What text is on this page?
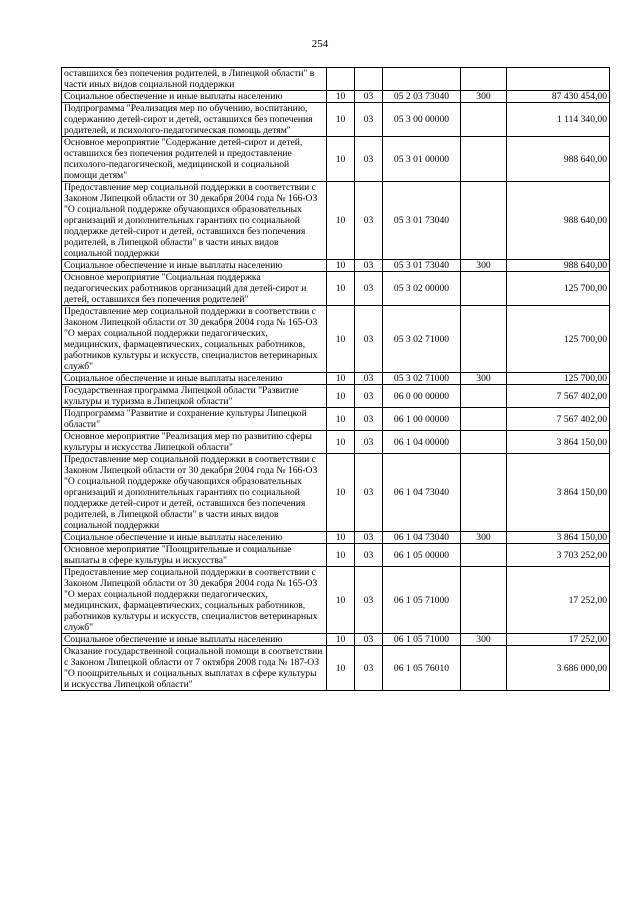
254
оставшихся без попечения родителей, в Липецкой области" в части иных видов социальной поддержки					
Социальное обеспечение и иные выплаты населению	10	03	05 2 03 73040	300	87 430 454,00
Подпрограмма "Реализация мер по обучению, воспитанию, содержанию детей-сирот и детей, оставшихся без попечения родителей, и психолого-педагогическая помощь детям"	10	03	05 3 00 00000		1 114 340,00
Основное мероприятие "Содержание детей-сирот и детей, оставшихся без попечения родителей и предоставление психолого-педагогической, медицинской и социальной помощи детям"	10	03	05 3 01 00000		988 640,00
Предоставление мер социальной поддержки в соответствии с Законом Липецкой области от 30 декабря 2004 года № 166-ОЗ "О социальной поддержке обучающихся образовательных организаций и дополнительных гарантиях по социальной поддержке детей-сирот и детей, оставшихся без попечения родителей, в Липецкой области" в части иных видов социальной поддержки	10	03	05 3 01 73040		988 640,00
Социальное обеспечение и иные выплаты населению	10	03	05 3 01 73040	300	988 640,00
Основное мероприятие "Социальная поддержка педагогических работников организаций для детей-сирот и детей, оставшихся без попечения родителей"	10	03	05 3 02 00000		125 700,00
Предоставление мер социальной поддержки в соответствии с Законом Липецкой области от 30 декабря 2004 года № 165-ОЗ "О мерах социальной поддержки педагогических, медицинских, фармацевтических, социальных работников, работников культуры и искусств, специалистов ветеринарных служб"	10	03	05 3 02 71000		125 700,00
Социальное обеспечение и иные выплаты населению	10	03	05 3 02 71000	300	125 700,00
Государственная программа Липецкой области "Развитие культуры и туризма в Липецкой области"	10	03	06 0 00 00000		7 567 402,00
Подпрограмма "Развитие и сохранение культуры Липецкой области"	10	03	06 1 00 00000		7 567 402,00
Основное мероприятие "Реализация мер по развитию сферы культуры и искусства Липецкой области"	10	03	06 1 04 00000		3 864 150,00
Предоставление мер социальной поддержки в соответствии с Законом Липецкой области от 30 декабря 2004 года № 166-ОЗ "О социальной поддержке обучающихся образовательных организаций и дополнительных гарантиях по социальной поддержке детей-сирот и детей, оставшихся без попечения родителей, в Липецкой области" в части иных видов социальной поддержки	10	03	06 1 04 73040		3 864 150,00
Социальное обеспечение и иные выплаты населению	10	03	06 1 04 73040	300	3 864 150,00
Основное мероприятие "Поощрительные и социальные выплаты в сфере культуры и искусства"	10	03	06 1 05 00000		3 703 252,00
Предоставление мер социальной поддержки в соответствии с Законом Липецкой области от 30 декабря 2004 года № 165-ОЗ "О мерах социальной поддержки педагогических, медицинских, фармацевтических, социальных работников, работников культуры и искусств, специалистов ветеринарных служб"	10	03	06 1 05 71000		17 252,00
Социальное обеспечение и иные выплаты населению	10	03	06 1 05 71000	300	17 252,00
Оказание государственной социальной помощи в соответствии с Законом Липецкой области от 7 октября 2008 года № 187-ОЗ "О поощрительных и социальных выплатах в сфере культуры и искусства Липецкой области"	10	03	06 1 05 76010		3 686 000,00
